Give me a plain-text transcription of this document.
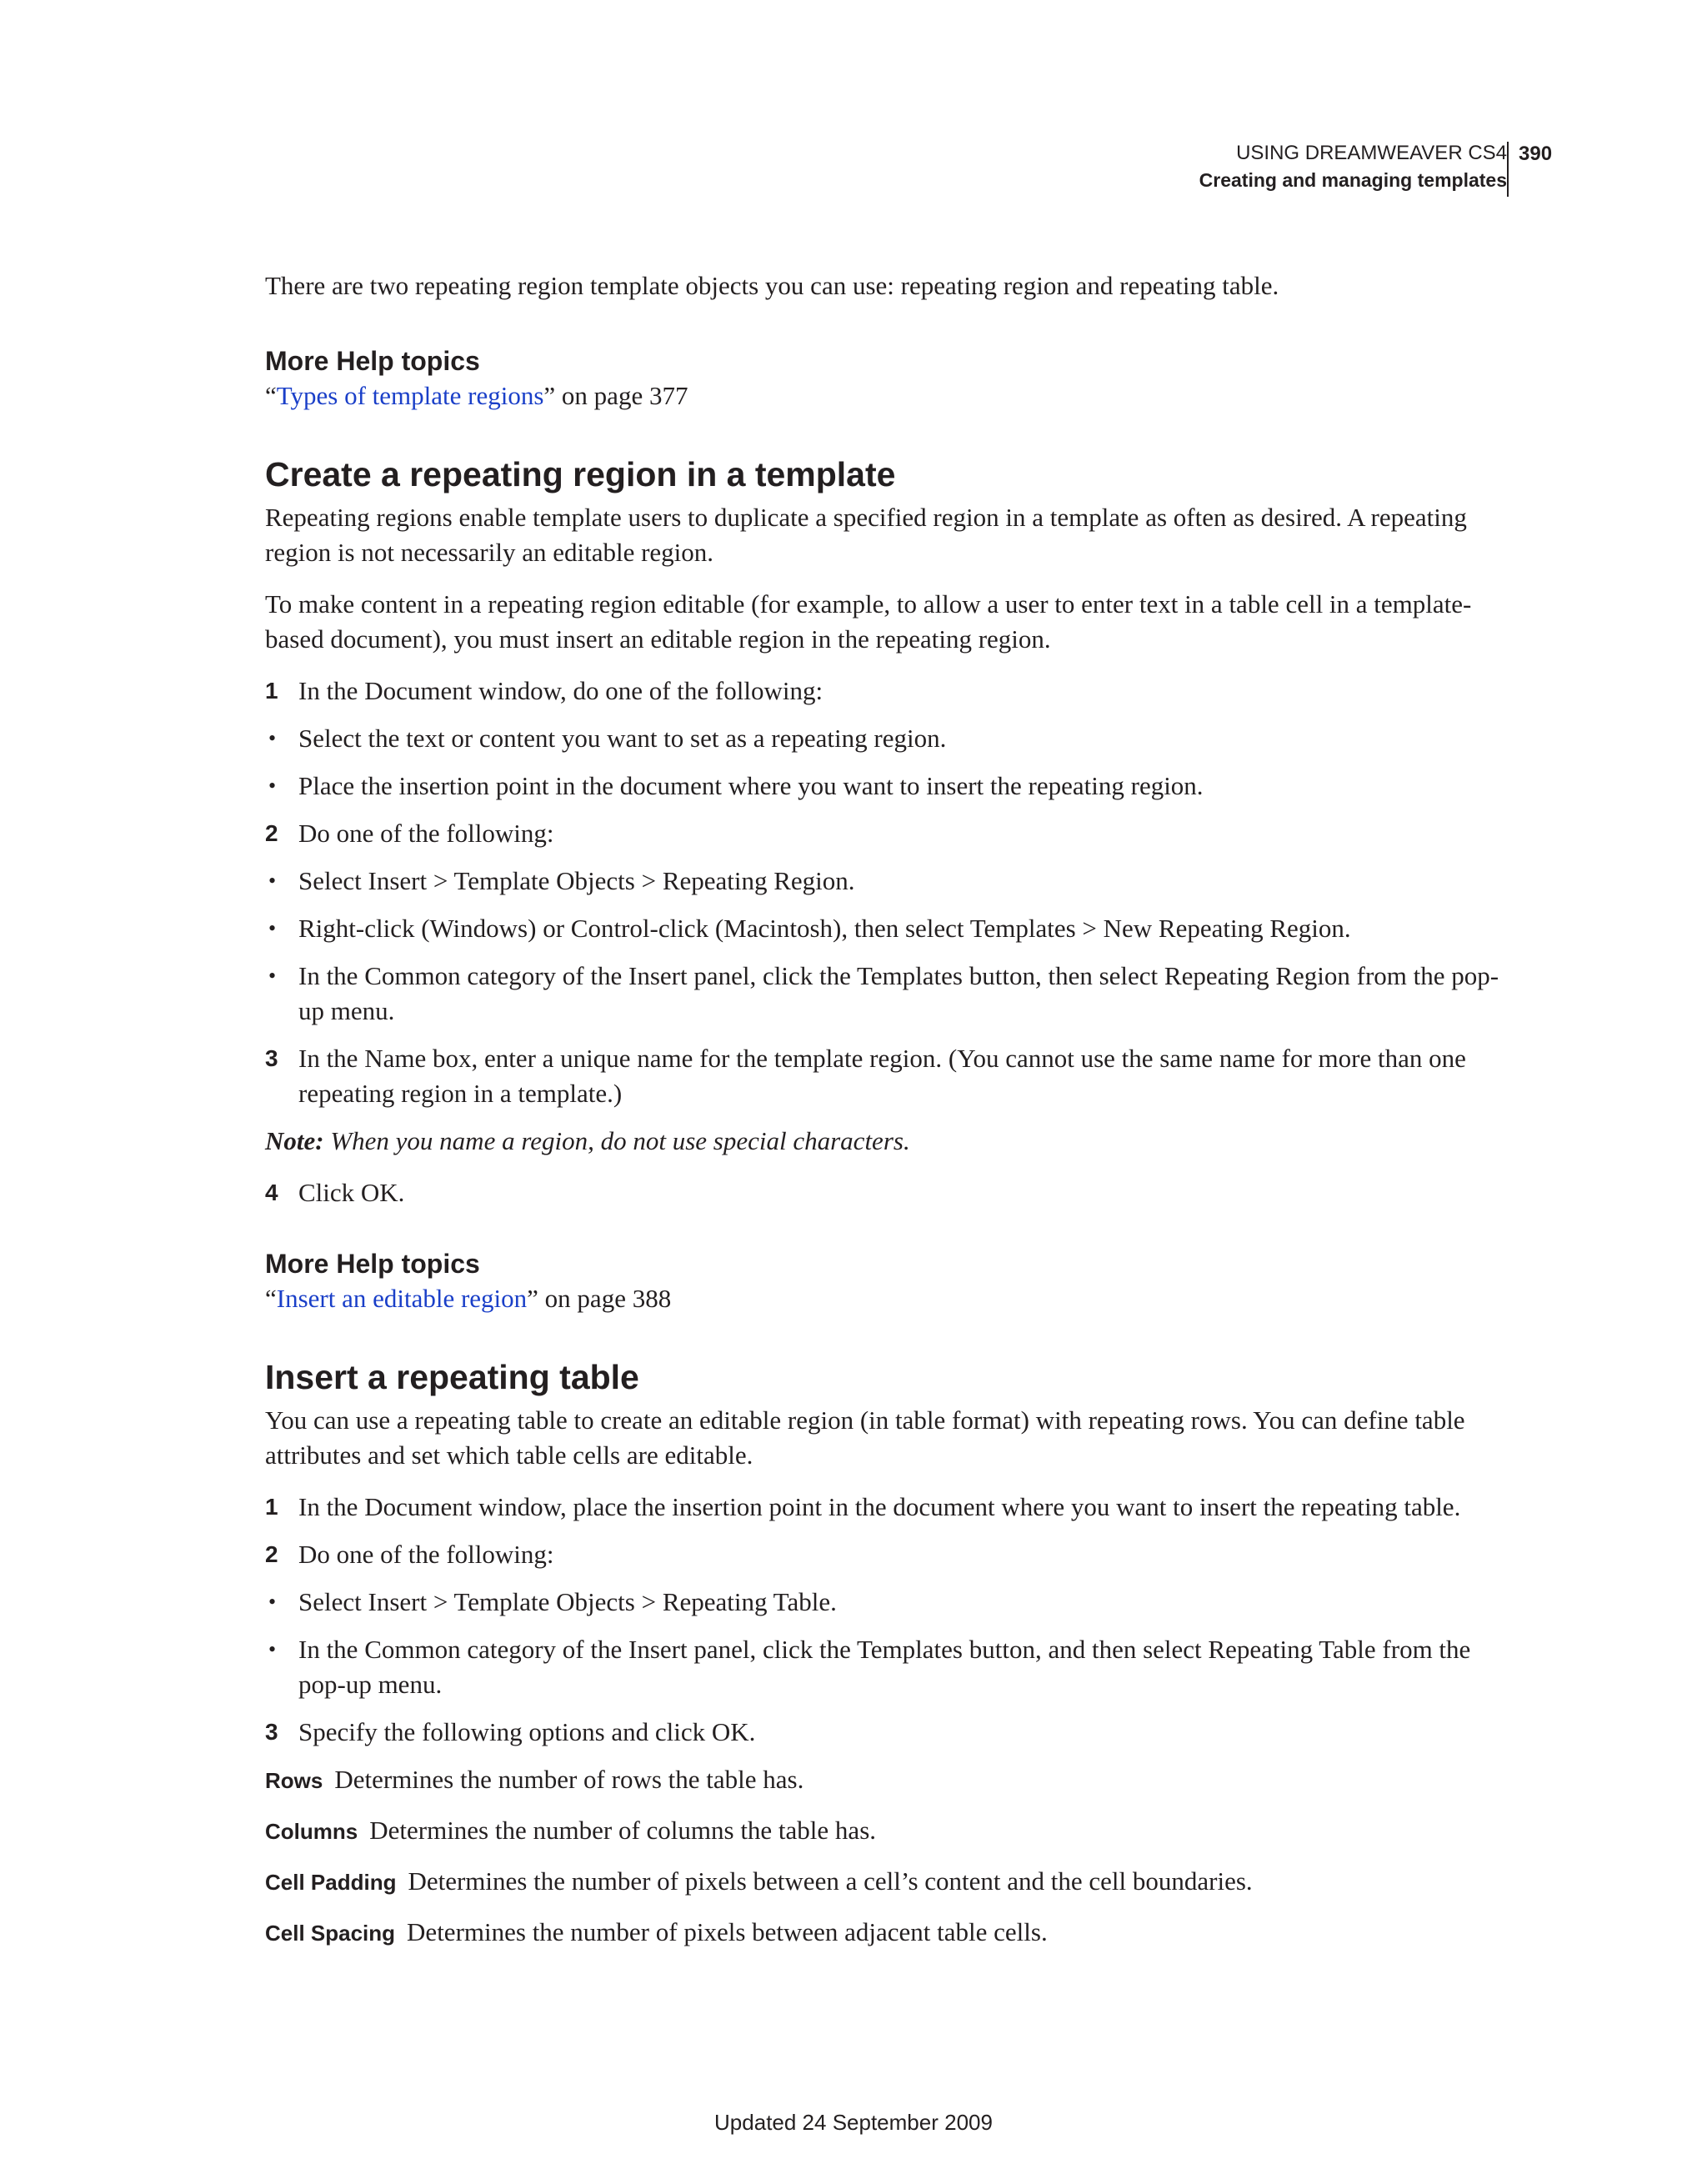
USING DREAMWEAVER CS4
Creating and managing templates
390

There are two repeating region template objects you can use: repeating region and repeating table.

More Help topics

“Types of template regions” on page 377

Create a repeating region in a template

Repeating regions enable template users to duplicate a specified region in a template as often as desired. A repeating region is not necessarily an editable region.

To make content in a repeating region editable (for example, to allow a user to enter text in a table cell in a template-based document), you must insert an editable region in the repeating region.

1 In the Document window, do one of the following:
• Select the text or content you want to set as a repeating region.
• Place the insertion point in the document where you want to insert the repeating region.
2 Do one of the following:
• Select Insert > Template Objects > Repeating Region.
• Right-click (Windows) or Control-click (Macintosh), then select Templates > New Repeating Region.
• In the Common category of the Insert panel, click the Templates button, then select Repeating Region from the pop-up menu.
3 In the Name box, enter a unique name for the template region. (You cannot use the same name for more than one repeating region in a template.)

Note: When you name a region, do not use special characters.

4 Click OK.
More Help topics

“Insert an editable region” on page 388

Insert a repeating table

You can use a repeating table to create an editable region (in table format) with repeating rows. You can define table attributes and set which table cells are editable.

1 In the Document window, place the insertion point in the document where you want to insert the repeating table.
2 Do one of the following:
• Select Insert > Template Objects > Repeating Table.
• In the Common category of the Insert panel, click the Templates button, and then select Repeating Table from the pop-up menu.
3 Specify the following options and click OK.

Rows Determines the number of rows the table has.

Columns Determines the number of columns the table has.

Cell Padding Determines the number of pixels between a cell’s content and the cell boundaries.

Cell Spacing Determines the number of pixels between adjacent table cells.

Updated 24 September 2009
